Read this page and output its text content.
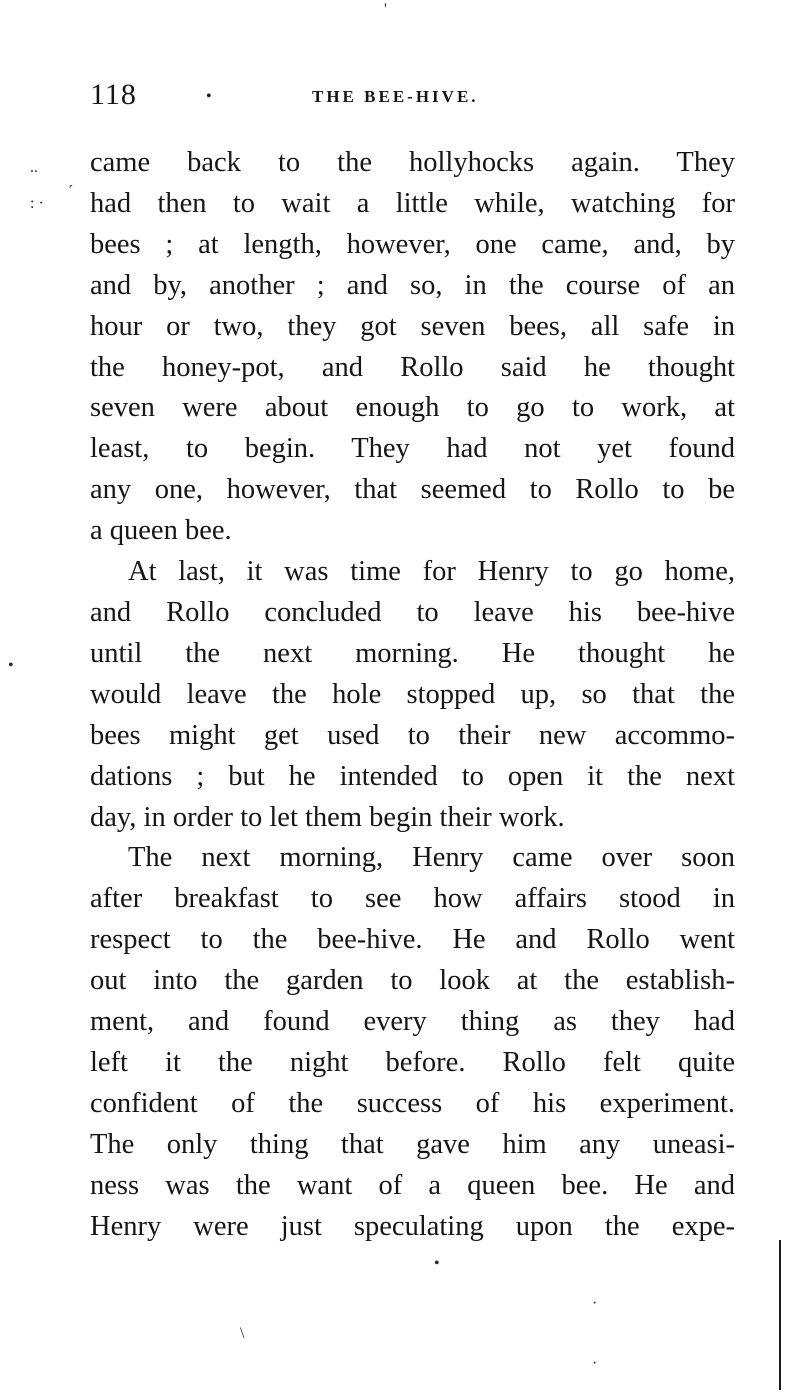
118	•	THE BEE-HIVE.
came back to the hollyhocks again. They
had then to wait a little while, watching for
bees ; at length, however, one came, and, by
and by, another ; and so, in the course of an
hour or two, they got seven bees, all safe in
the honey-pot, and Rollo said he thought
seven were about enough to go to work, at
least, to begin. They had not yet found
any one, however, that seemed to Rollo to be
a queen bee.
At last, it was time for Henry to go home,
and Rollo concluded to leave his bee-hive
until the next morning. He thought he
would leave the hole stopped up, so that the
bees might get used to their new accommo-
dations ; but he intended to open it the next
day, in order to let them begin their work.
The next morning, Henry came over soon
after breakfast to see how affairs stood in
respect to the bee-hive. He and Rollo went
out into the garden to look at the establish-
ment, and found every thing as they had
left it the night before. Rollo felt quite
confident of the success of his experiment.
The only thing that gave him any uneasi-
ness was the want of a queen bee. He and
Henry were just speculating upon the expe-
'
..
: ·
´
•
•
·
\
·
